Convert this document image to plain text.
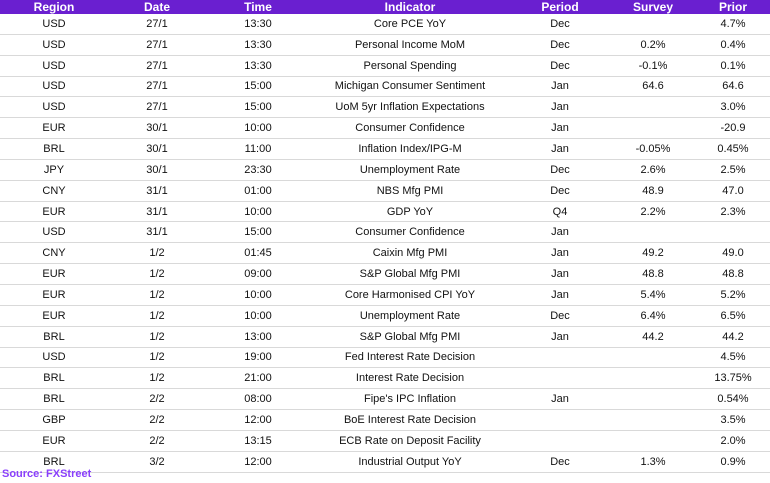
Region	Date	Time	Indicator	Period	Survey	Prior
USD	27/1	13:30	Core PCE YoY	Dec		4.7%
USD	27/1	13:30	Personal Income MoM	Dec	0.2%	0.4%
USD	27/1	13:30	Personal Spending	Dec	-0.1%	0.1%
USD	27/1	15:00	Michigan Consumer Sentiment	Jan	64.6	64.6
USD	27/1	15:00	UoM 5yr Inflation Expectations	Jan		3.0%
EUR	30/1	10:00	Consumer Confidence	Jan		-20.9
BRL	30/1	11:00	Inflation Index/IPG-M	Jan	-0.05%	0.45%
JPY	30/1	23:30	Unemployment Rate	Dec	2.6%	2.5%
CNY	31/1	01:00	NBS Mfg PMI	Dec	48.9	47.0
EUR	31/1	10:00	GDP YoY	Q4	2.2%	2.3%
USD	31/1	15:00	Consumer Confidence	Jan		
CNY	1/2	01:45	Caixin Mfg PMI	Jan	49.2	49.0
EUR	1/2	09:00	S&P Global Mfg PMI	Jan	48.8	48.8
EUR	1/2	10:00	Core Harmonised CPI YoY	Jan	5.4%	5.2%
EUR	1/2	10:00	Unemployment Rate	Dec	6.4%	6.5%
BRL	1/2	13:00	S&P Global Mfg PMI	Jan	44.2	44.2
USD	1/2	19:00	Fed Interest Rate Decision			4.5%
BRL	1/2	21:00	Interest Rate Decision			13.75%
BRL	2/2	08:00	Fipe's IPC Inflation	Jan		0.54%
GBP	2/2	12:00	BoE Interest Rate Decision			3.5%
EUR	2/2	13:15	ECB Rate on Deposit Facility			2.0%
BRL	3/2	12:00	Industrial Output YoY	Dec	1.3%	0.9%
Source: FXStreet
